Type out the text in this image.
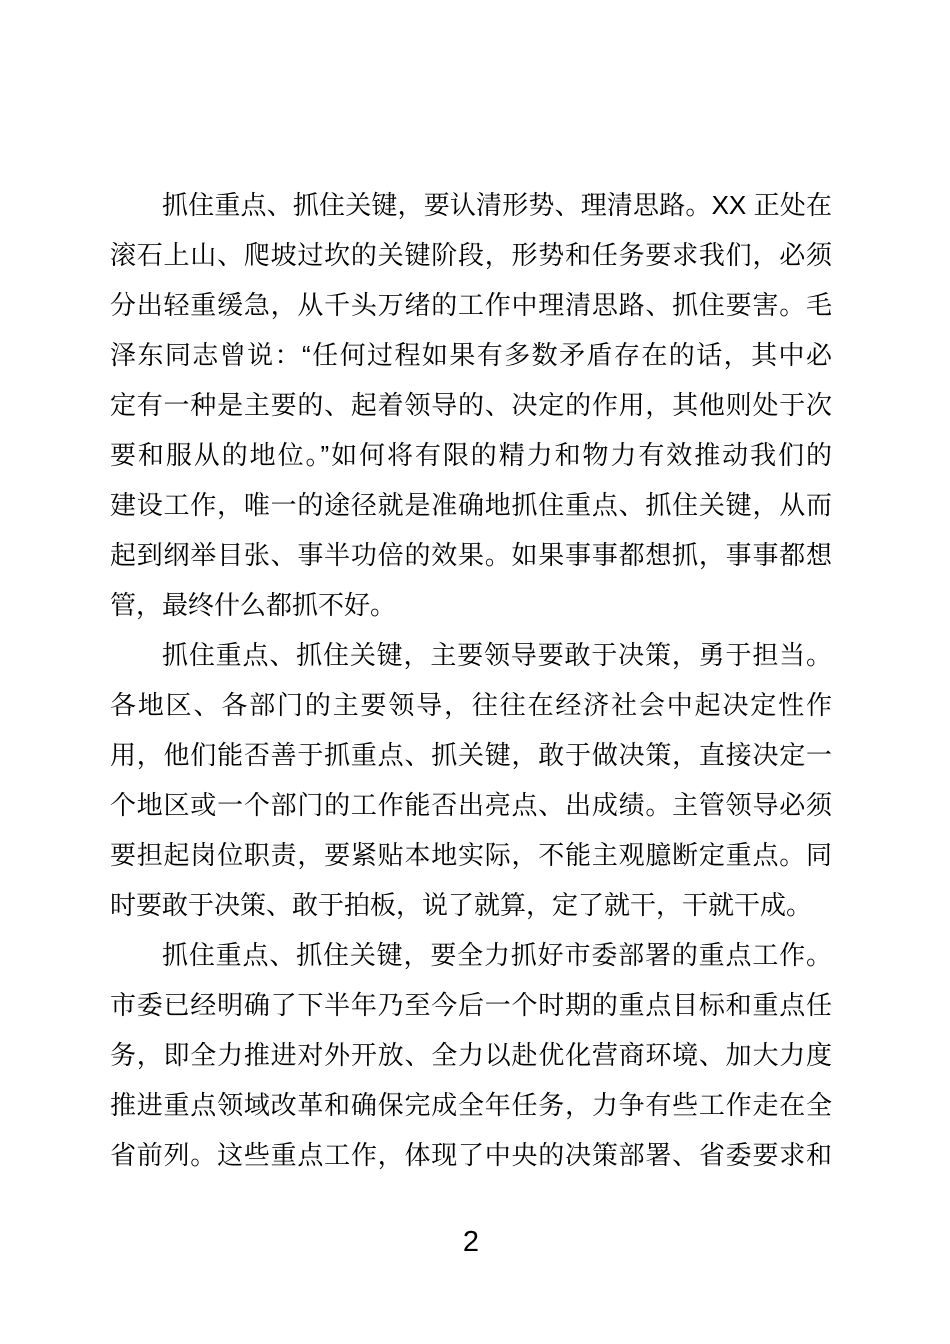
抓住重点、抓住关键，要认清形势、理清思路。XX 正处在
滚石上山、爬坡过坎的关键阶段，形势和任务要求我们，必须
分出轻重缓急，从千头万绪的工作中理清思路、抓住要害。毛
泽东同志曾说：“任何过程如果有多数矛盾存在的话，其中必
定有一种是主要的、起着领导的、决定的作用，其他则处于次
要和服从的地位。”如何将有限的精力和物力有效推动我们的
建设工作，唯一的途径就是准确地抓住重点、抓住关键，从而
起到纲举目张、事半功倍的效果。如果事事都想抓，事事都想
管，最终什么都抓不好。
抓住重点、抓住关键，主要领导要敢于决策，勇于担当。
各地区、各部门的主要领导，往往在经济社会中起决定性作
用，他们能否善于抓重点、抓关键，敢于做决策，直接决定一
个地区或一个部门的工作能否出亮点、出成绩。主管领导必须
要担起岗位职责，要紧贴本地实际，不能主观臆断定重点。同
时要敢于决策、敢于拍板，说了就算，定了就干，干就干成。
抓住重点、抓住关键，要全力抓好市委部署的重点工作。
市委已经明确了下半年乃至今后一个时期的重点目标和重点任
务，即全力推进对外开放、全力以赴优化营商环境、加大力度
推进重点领域改革和确保完成全年任务，力争有些工作走在全
省前列。这些重点工作，体现了中央的决策部署、省委要求和
2
